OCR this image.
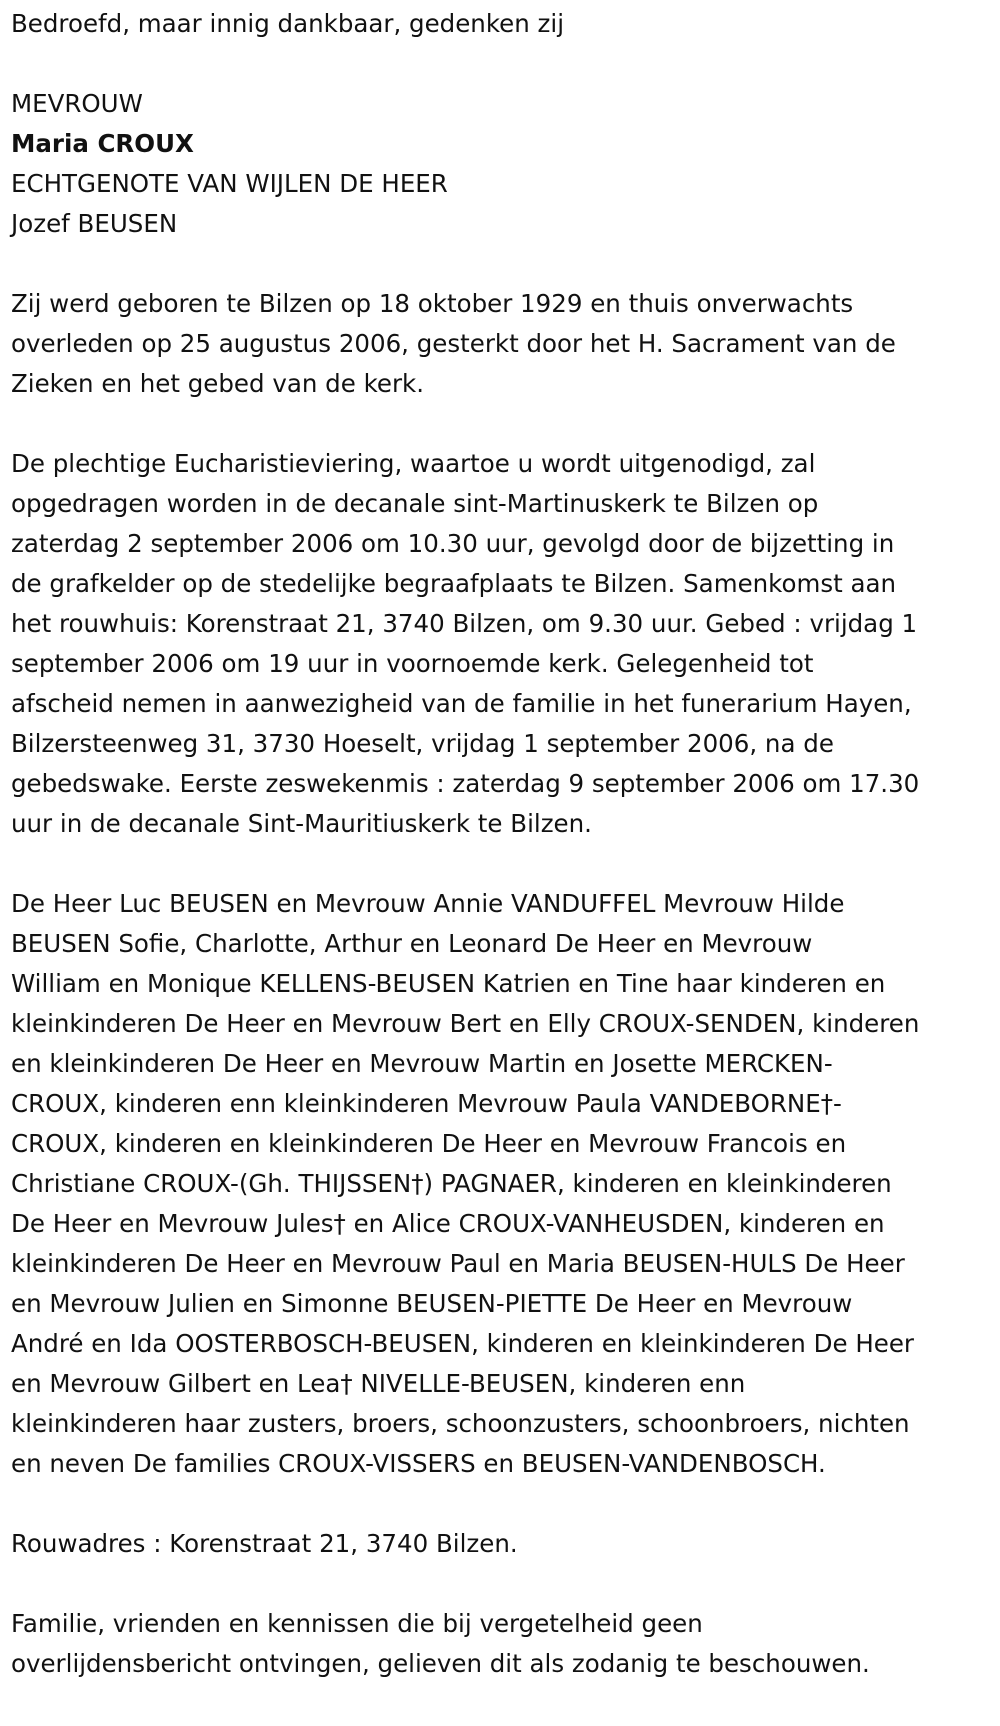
Bedroefd, maar innig dankbaar, gedenken zij

MEVROUW

Maria CROUX

ECHTGENOTE VAN WIJLEN DE HEER

Jozef BEUSEN

Zij werd geboren te Bilzen op 18 oktober 1929 en thuis onverwachts

overleden op 25 augustus 2006, gesterkt door het H. Sacrament van de

Zieken en het gebed van de kerk.

De plechtige Eucharistieviering, waartoe u wordt uitgenodigd, zal

opgedragen worden in de decanale sint-Martinuskerk te Bilzen op

zaterdag 2 september 2006 om 10.30 uur, gevolgd door de bijzetting in

de grafkelder op de stedelijke begraafplaats te Bilzen. Samenkomst aan

het rouwhuis: Korenstraat 21, 3740 Bilzen, om 9.30 uur. Gebed : vrijdag 1

september 2006 om 19 uur in voornoemde kerk. Gelegenheid tot

afscheid nemen in aanwezigheid van de familie in het funerarium Hayen,

Bilzersteenweg 31, 3730 Hoeselt, vrijdag 1 september 2006, na de

gebedswake. Eerste zeswekenmis : zaterdag 9 september 2006 om 17.30

uur in de decanale Sint-Mauritiuskerk te Bilzen.

De Heer Luc BEUSEN en Mevrouw Annie VANDUFFEL Mevrouw Hilde

BEUSEN Sofie, Charlotte, Arthur en Leonard De Heer en Mevrouw

William en Monique KELLENS-BEUSEN Katrien en Tine haar kinderen en

kleinkinderen De Heer en Mevrouw Bert en Elly CROUX-SENDEN, kinderen

en kleinkinderen De Heer en Mevrouw Martin en Josette MERCKEN-

CROUX, kinderen enn kleinkinderen Mevrouw Paula VANDEBORNE†-

CROUX, kinderen en kleinkinderen De Heer en Mevrouw Francois en

Christiane CROUX-(Gh. THIJSSEN†) PAGNAER, kinderen en kleinkinderen

De Heer en Mevrouw Jules† en Alice CROUX-VANHEUSDEN, kinderen en

kleinkinderen De Heer en Mevrouw Paul en Maria BEUSEN-HULS De Heer

en Mevrouw Julien en Simonne BEUSEN-PIETTE De Heer en Mevrouw

André en Ida OOSTERBOSCH-BEUSEN, kinderen en kleinkinderen De Heer

en Mevrouw Gilbert en Lea† NIVELLE-BEUSEN, kinderen enn

kleinkinderen haar zusters, broers, schoonzusters, schoonbroers, nichten

en neven De families CROUX-VISSERS en BEUSEN-VANDENBOSCH.

Rouwadres : Korenstraat 21, 3740 Bilzen.

Familie, vrienden en kennissen die bij vergetelheid geen

overlijdensbericht ontvingen, gelieven dit als zodanig te beschouwen.
